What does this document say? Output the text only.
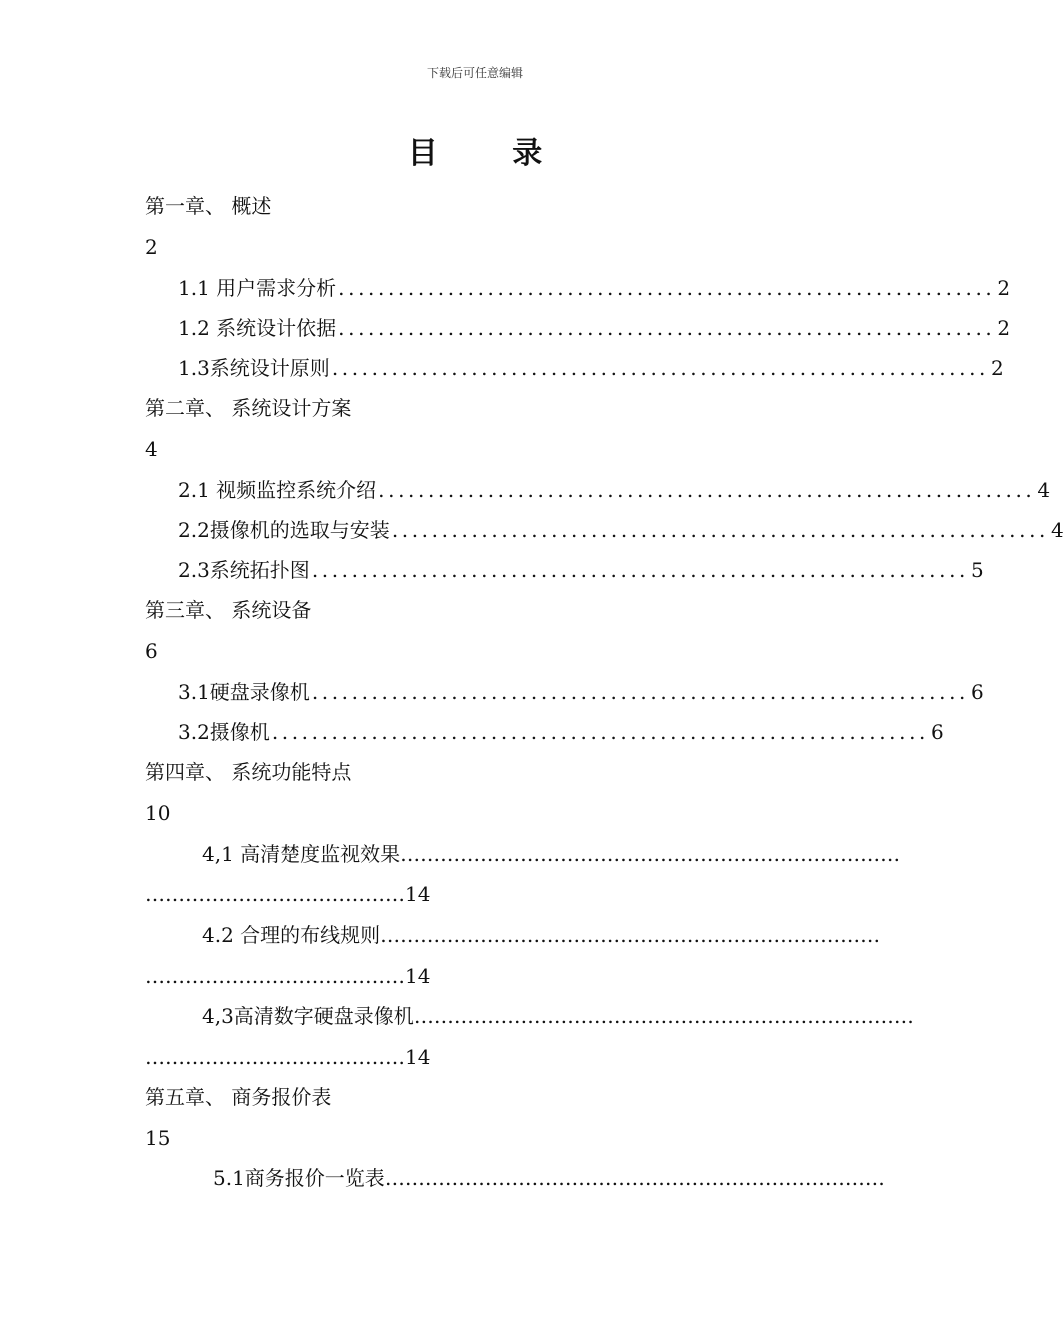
下载后可任意编辑
目 录
第一章、 概述
2
1.1 用户需求分析 .................................................................. 2
1.2 系统设计依据 .................................................................. 2
1.3系统设计原则 .................................................................. 2
第二章、 系统设计方案
4
2.1 视频监控系统介绍 .................................................................. 4
2.2摄像机的选取与安装 .................................................................. 4
2.3系统拓扑图 .................................................................. 5
第三章、 系统设备
6
3.1硬盘录像机 .................................................................. 6
3.2摄像机 .................................................................. 6
第四章、 系统功能特点
10
4,1 高清楚度监视效果 …………………………………………………………………
…………………………………14
4.2 合理的布线规则 …………………………………………………………………
…………………………………14
4,3高清数字硬盘录像机 …………………………………………………………………
…………………………………14
第五章、 商务报价表
15
5.1商务报价一览表 …………………………………………………………………
